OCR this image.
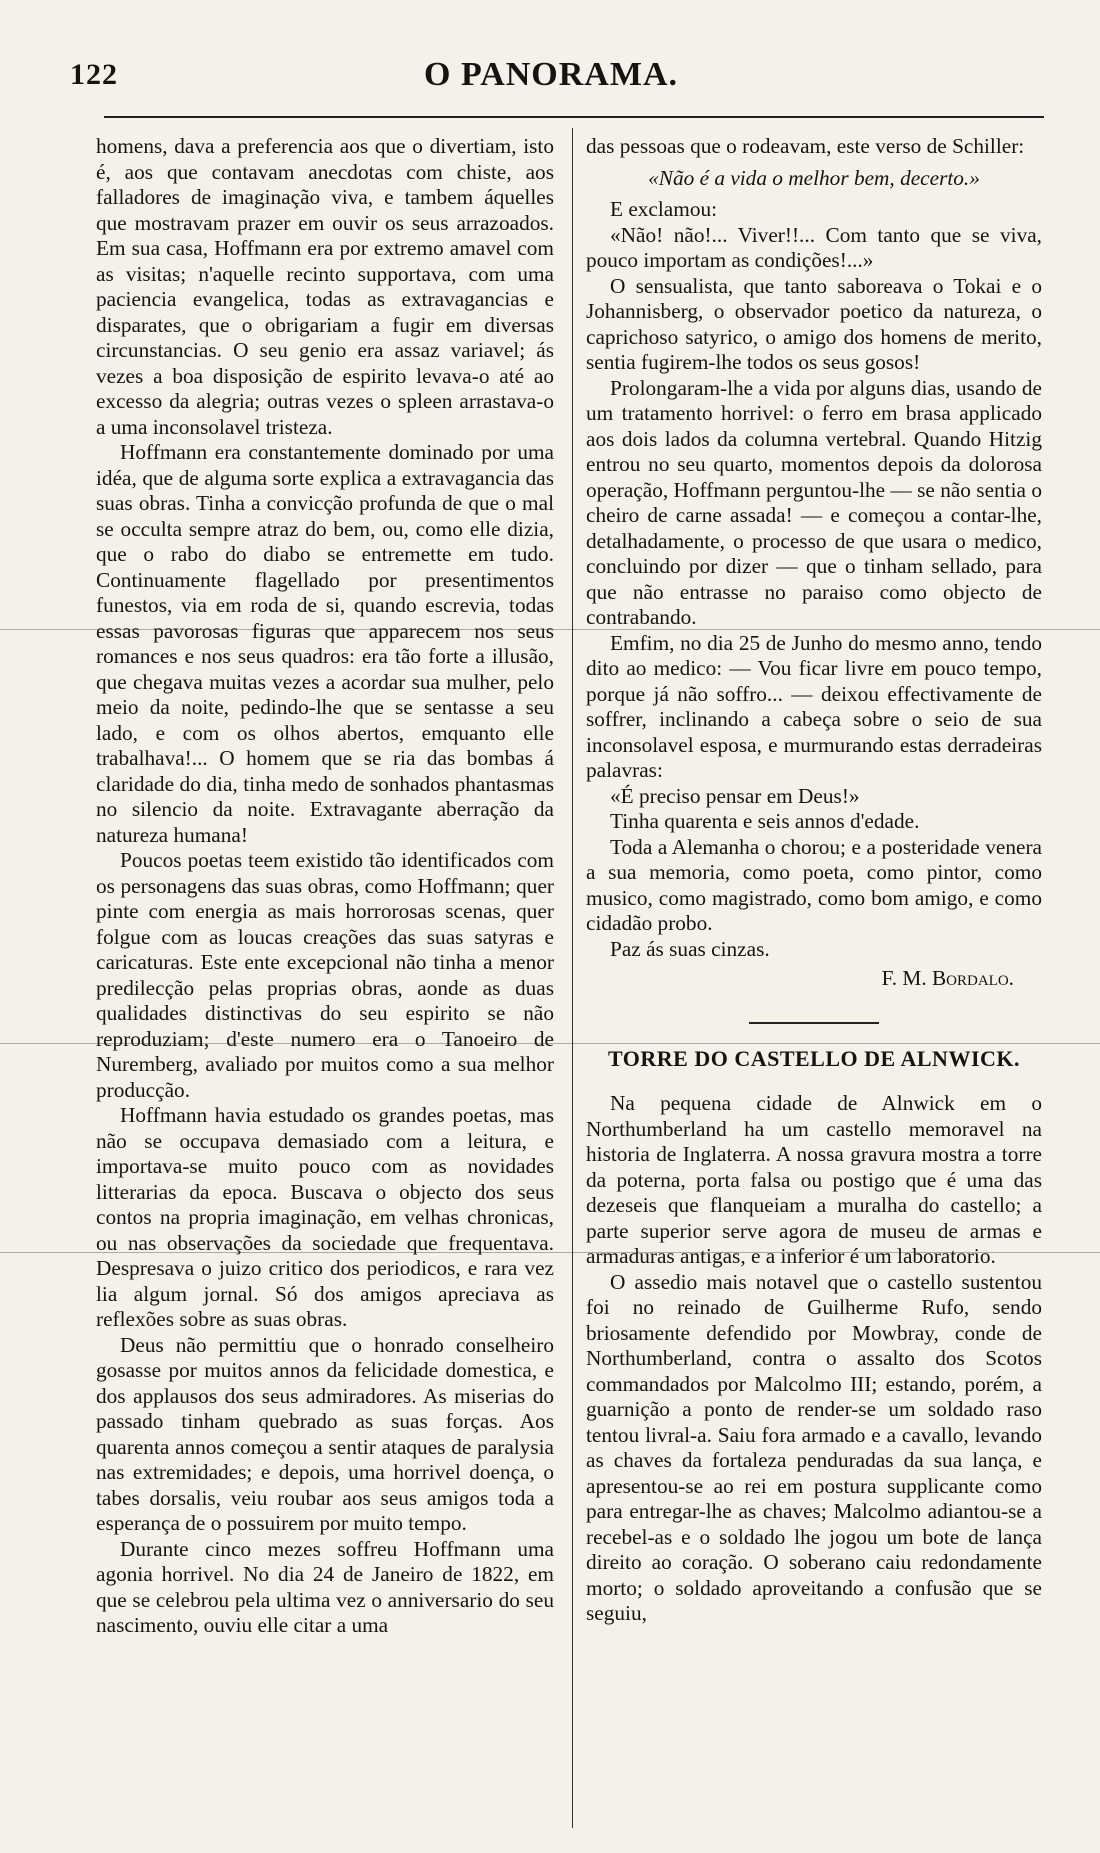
122	O PANORAMA.

homens, dava a preferencia aos que o divertiam, isto é, aos que contavam anecdotas com chiste, aos falladores de imaginação viva, e tambem áquelles que mostravam prazer em ouvir os seus arrazoados. Em sua casa, Hoffmann era por extremo amavel com as visitas; n'aquelle recinto supportava, com uma paciencia evangelica, todas as extravagancias e disparates, que o obrigariam a fugir em diversas circunstancias. O seu genio era assaz variavel; ás vezes a boa disposição de espirito levava-o até ao excesso da alegria; outras vezes o spleen arrastava-o a uma inconsolavel tristeza.

Hoffmann era constantemente dominado por uma idéa, que de alguma sorte explica a extravagancia das suas obras. Tinha a convicção profunda de que o mal se occulta sempre atraz do bem, ou, como elle dizia, que o rabo do diabo se entremette em tudo. Continuamente flagellado por presentimentos funestos, via em roda de si, quando escrevia, todas essas pavorosas figuras que apparecem nos seus romances e nos seus quadros: era tão forte a illusão, que chegava muitas vezes a acordar sua mulher, pelo meio da noite, pedindo-lhe que se sentasse a seu lado, e com os olhos abertos, emquanto elle trabalhava!... O homem que se ria das bombas á claridade do dia, tinha medo de sonhados phantasmas no silencio da noite. Extravagante aberração da natureza humana!

Poucos poetas teem existido tão identificados com os personagens das suas obras, como Hoffmann; quer pinte com energia as mais horrorosas scenas, quer folgue com as loucas creações das suas satyras e caricaturas. Este ente excepcional não tinha a menor predilecção pelas proprias obras, aonde as duas qualidades distinctivas do seu espirito se não reproduziam; d'este numero era o Tanoeiro de Nuremberg, avaliado por muitos como a sua melhor producção.

Hoffmann havia estudado os grandes poetas, mas não se occupava demasiado com a leitura, e importava-se muito pouco com as novidades litterarias da epoca. Buscava o objecto dos seus contos na propria imaginação, em velhas chronicas, ou nas observações da sociedade que frequentava. Despresava o juizo critico dos periodicos, e rara vez lia algum jornal. Só dos amigos apreciava as reflexões sobre as suas obras.

Deus não permittiu que o honrado conselheiro gosasse por muitos annos da felicidade domestica, e dos applausos dos seus admiradores. As miserias do passado tinham quebrado as suas forças. Aos quarenta annos começou a sentir ataques de paralysia nas extremidades; e depois, uma horrivel doença, o tabes dorsalis, veiu roubar aos seus amigos toda a esperança de o possuirem por muito tempo.

Durante cinco mezes soffreu Hoffmann uma agonia horrivel. No dia 24 de Janeiro de 1822, em que se celebrou pela ultima vez o anniversario do seu nascimento, ouviu elle citar a uma

das pessoas que o rodeavam, este verso de Schiller:

«Não é a vida o melhor bem, decerto.»

E exclamou:

«Não! não!... Viver!!... Com tanto que se viva, pouco importam as condições!...»

O sensualista, que tanto saboreava o Tokai e o Johannisberg, o observador poetico da natureza, o caprichoso satyrico, o amigo dos homens de merito, sentia fugirem-lhe todos os seus gosos!

Prolongaram-lhe a vida por alguns dias, usando de um tratamento horrivel: o ferro em brasa applicado aos dois lados da columna vertebral. Quando Hitzig entrou no seu quarto, momentos depois da dolorosa operação, Hoffmann perguntou-lhe — se não sentia o cheiro de carne assada! — e começou a contar-lhe, detalhadamente, o processo de que usara o medico, concluindo por dizer — que o tinham sellado, para que não entrasse no paraiso como objecto de contrabando.

Emfim, no dia 25 de Junho do mesmo anno, tendo dito ao medico: — Vou ficar livre em pouco tempo, porque já não soffro... — deixou effectivamente de soffrer, inclinando a cabeça sobre o seio de sua inconsolavel esposa, e murmurando estas derradeiras palavras:

«É preciso pensar em Deus!»

Tinha quarenta e seis annos d'edade.

Toda a Alemanha o chorou; e a posteridade venera a sua memoria, como poeta, como pintor, como musico, como magistrado, como bom amigo, e como cidadão probo.

Paz ás suas cinzas.

F. M. Bordalo.

TORRE DO CASTELLO DE ALNWICK.

Na pequena cidade de Alnwick em o Northumberland ha um castello memoravel na historia de Inglaterra. A nossa gravura mostra a torre da poterna, porta falsa ou postigo que é uma das dezeseis que flanqueiam a muralha do castello; a parte superior serve agora de museu de armas e armaduras antigas, e a inferior é um laboratorio.

O assedio mais notavel que o castello sustentou foi no reinado de Guilherme Rufo, sendo briosamente defendido por Mowbray, conde de Northumberland, contra o assalto dos Scotos commandados por Malcolmo III; estando, porém, a guarnição a ponto de render-se um soldado raso tentou livral-a. Saiu fora armado e a cavallo, levando as chaves da fortaleza penduradas da sua lança, e apresentou-se ao rei em postura supplicante como para entregar-lhe as chaves; Malcolmo adiantou-se a recebel-as e o soldado lhe jogou um bote de lança direito ao coração. O soberano caiu redondamente morto; o soldado aproveitando a confusão que se seguiu,
